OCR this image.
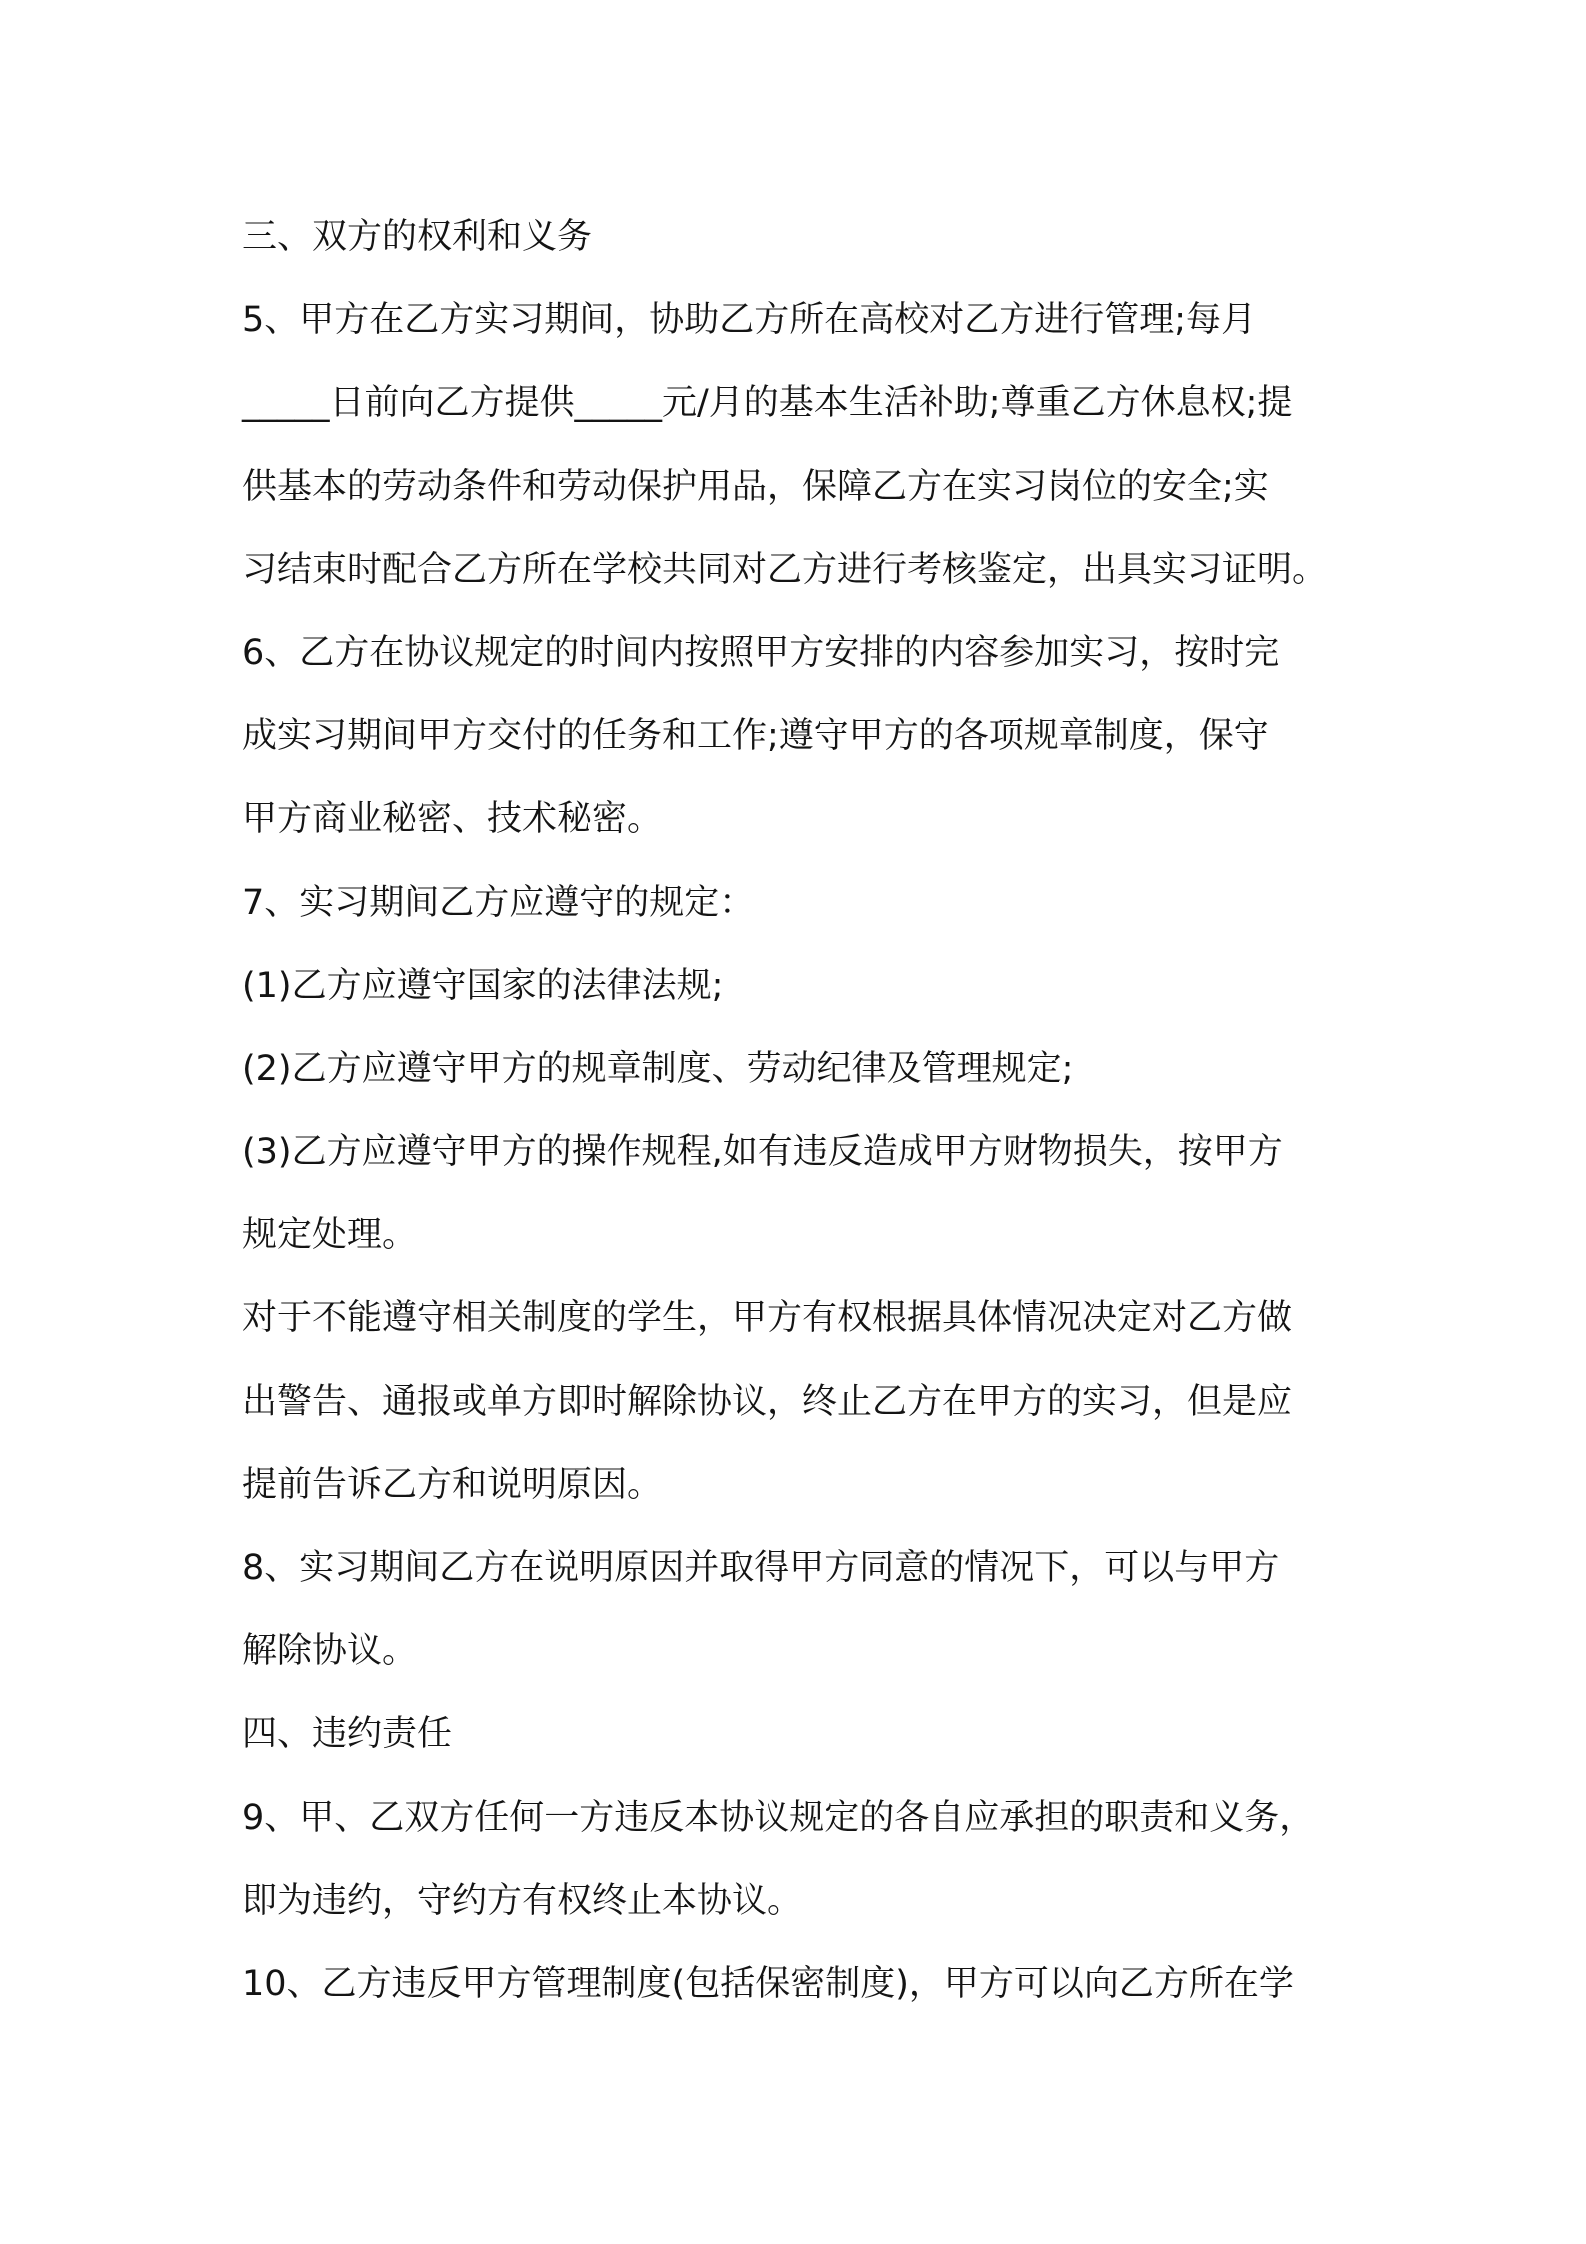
三、双方的权利和义务
5、甲方在乙方实习期间，协助乙方所在高校对乙方进行管理;每月
_____日前向乙方提供_____元/月的基本生活补助;尊重乙方休息权;提
供基本的劳动条件和劳动保护用品，保障乙方在实习岗位的安全;实
习结束时配合乙方所在学校共同对乙方进行考核鉴定，出具实习证明。
6、乙方在协议规定的时间内按照甲方安排的内容参加实习，按时完
成实习期间甲方交付的任务和工作;遵守甲方的各项规章制度，保守
甲方商业秘密、技术秘密。
7、实习期间乙方应遵守的规定：
(1)乙方应遵守国家的法律法规;
(2)乙方应遵守甲方的规章制度、劳动纪律及管理规定;
(3)乙方应遵守甲方的操作规程,如有违反造成甲方财物损失，按甲方
规定处理。
对于不能遵守相关制度的学生，甲方有权根据具体情况决定对乙方做
出警告、通报或单方即时解除协议，终止乙方在甲方的实习，但是应
提前告诉乙方和说明原因。
8、实习期间乙方在说明原因并取得甲方同意的情况下，可以与甲方
解除协议。
四、违约责任
9、甲、乙双方任何一方违反本协议规定的各自应承担的职责和义务，
即为违约，守约方有权终止本协议。
10、乙方违反甲方管理制度(包括保密制度)，甲方可以向乙方所在学
